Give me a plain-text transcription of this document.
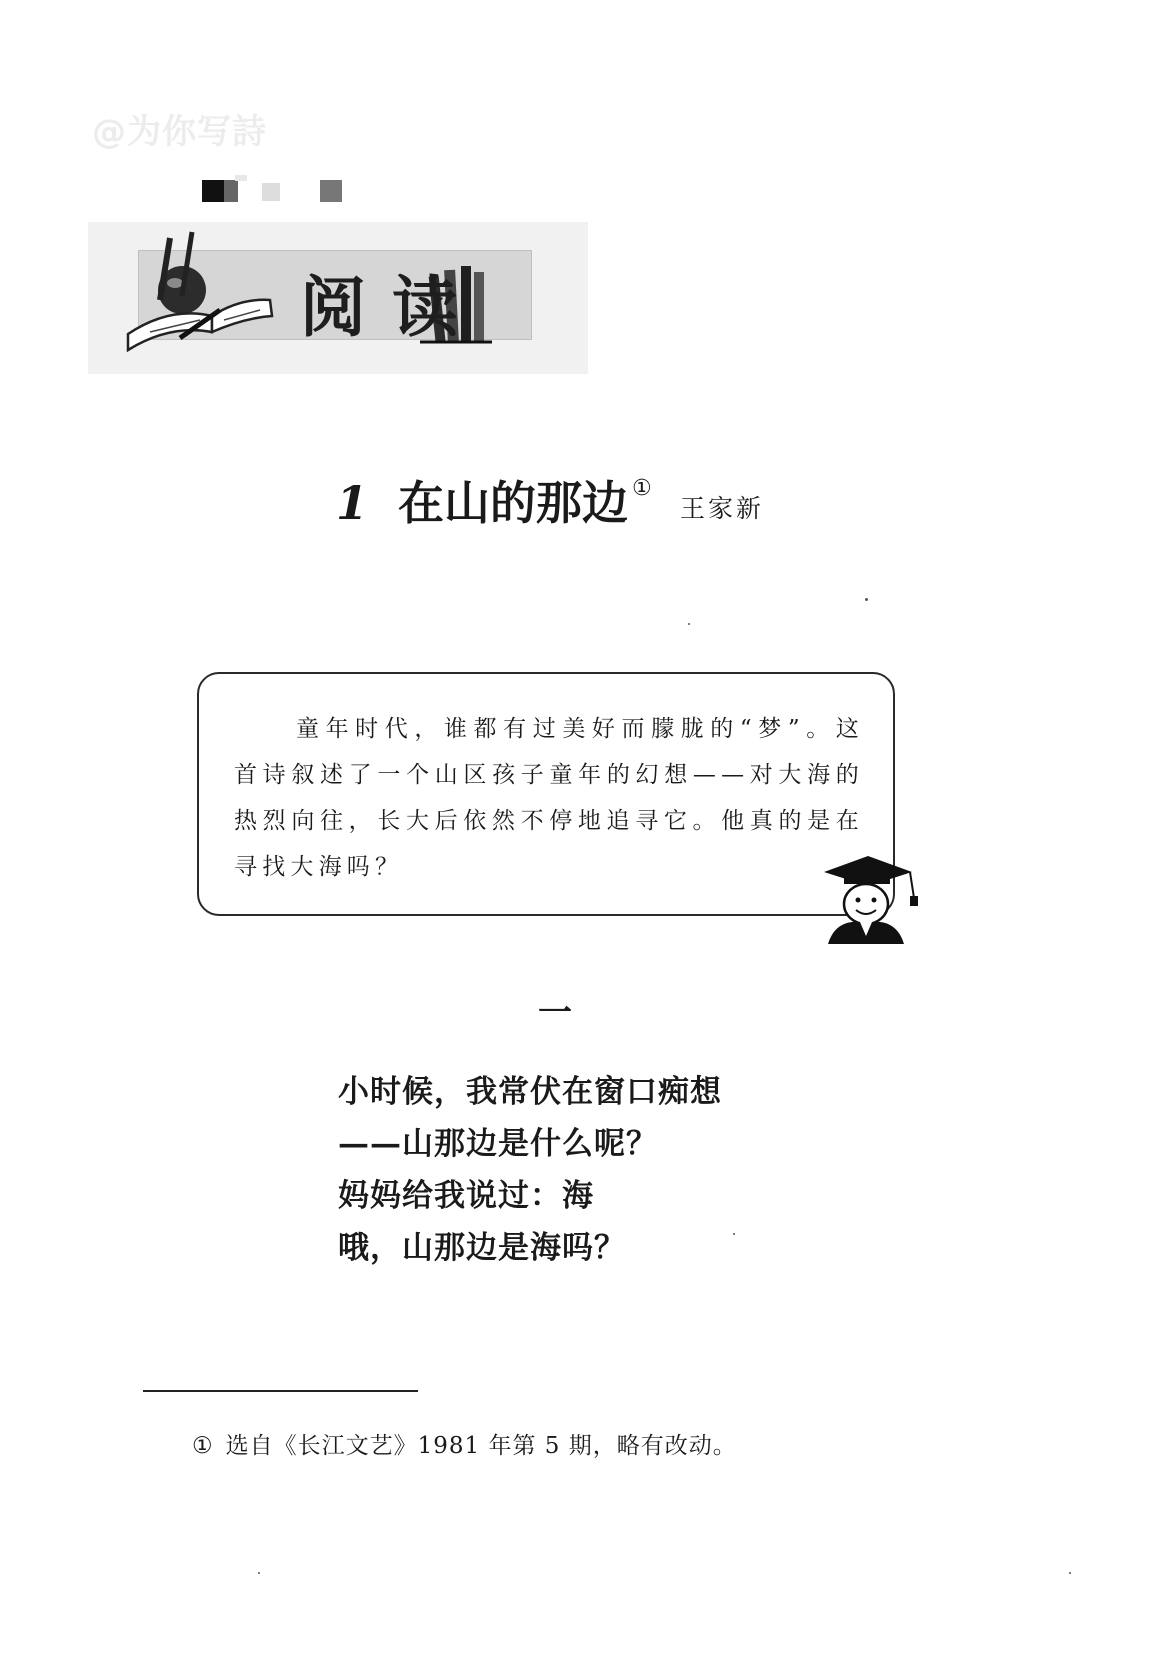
@为你写詩
阅读
1 在山的那边 ①
王家新

童年时代，谁都有过美好而朦胧的“梦”。这首诗叙述了一个山区孩子童年的幻想——对大海的热烈向往，长大后依然不停地追寻它。他真的是在寻找大海吗？

一
小时候，我常伏在窗口痴想
——山那边是什么呢？
妈妈给我说过：海
哦，山那边是海吗？
① 选自《长江文艺》1981 年第 5 期，略有改动。
